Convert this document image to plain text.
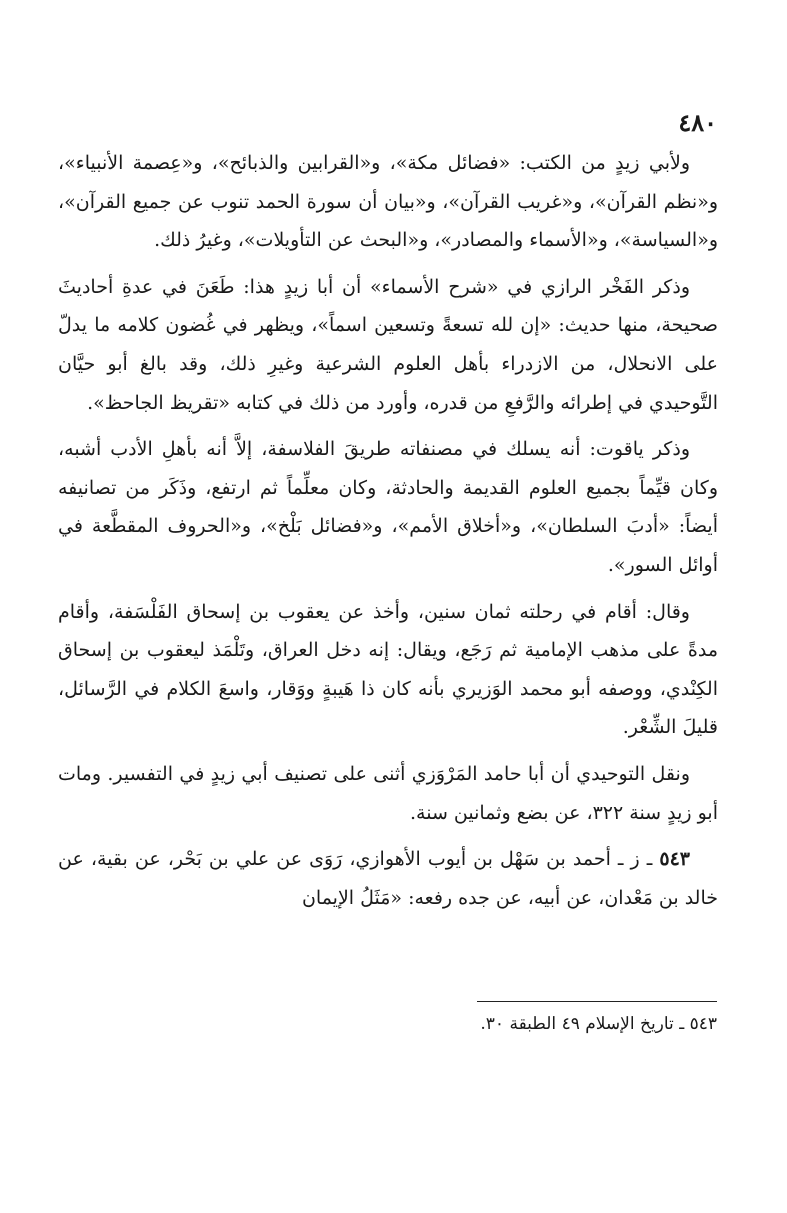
٤٨٠

ولأبي زيدٍ من الكتب: «فضائل مكة»، و«القرابين والذبائح»، و«عِصمة الأنبياء»، و«نظم القرآن»، و«غريب القرآن»، و«بيان أن سورة الحمد تنوب عن جميع القرآن»، و«السياسة»، و«الأسماء والمصادر»، و«البحث عن التأويلات»، وغيرُ ذلك.

وذكر الفَخْر الرازي في «شرح الأسماء» أن أبا زيدٍ هذا: طَعَنَ في عدةِ أحاديثَ صحيحة، منها حديث: «إن لله تسعةً وتسعين اسماً»، ويظهر في غُضون كلامه ما يدلّ على الانحلال، من الازدراء بأهل العلوم الشرعية وغيرِ ذلك، وقد بالغ أبو حيَّان التَّوحيدي في إطرائه والرَّفعِ من قدره، وأورد من ذلك في كتابه «تقريظ الجاحظ».

وذكر ياقوت: أنه يسلك في مصنفاته طريقَ الفلاسفة، إلاَّ أنه بأهلِ الأدب أشبه، وكان قيِّماً بجميع العلوم القديمة والحادثة، وكان معلِّماً ثم ارتفع، وذَكَر من تصانيفه أيضاً: «أدبَ السلطان»، و«أخلاق الأمم»، و«فضائل بَلْخ»، و«الحروف المقطَّعة في أوائل السور».

وقال: أقام في رحلته ثمان سنين، وأخذ عن يعقوب بن إسحاق الفَلْسَفة، وأقام مدةً على مذهب الإمامية ثم رَجَع، ويقال: إنه دخل العراق، وتَلْمَذ ليعقوب بن إسحاق الكِنْدي، ووصفه أبو محمد الوَزيري بأنه كان ذا هَيبةٍ ووَقار، واسعَ الكلام في الرَّسائل، قليلَ الشِّعْر.

ونقل التوحيدي أن أبا حامد المَرْوَزي أثنى على تصنيف أبي زيدٍ في التفسير. ومات أبو زيدٍ سنة ٣٢٢، عن بضع وثمانين سنة.

٥٤٣ ـ ز ـ أحمد بن سَهْل بن أيوب الأهوازي، رَوَى عن علي بن بَحْر، عن بقية، عن خالد بن مَعْدان، عن أبيه، عن جده رفعه: «مَثَلُ الإيمان

٥٤٣ ـ تاريخ الإسلام ٤٩ الطبقة ٣٠.
